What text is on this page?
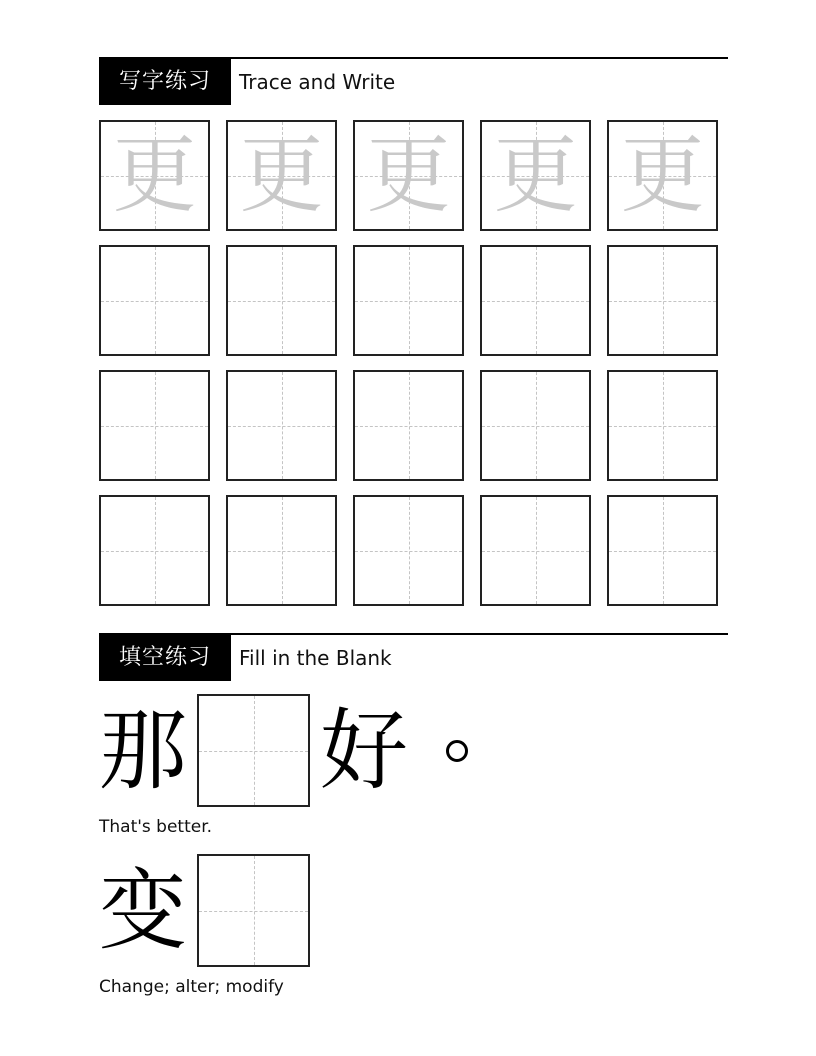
写字练习	Trace and Write
更 更 更 更 更
填空练习	Fill in the Blank
那 好
That's better.
变
Change; alter; modify
